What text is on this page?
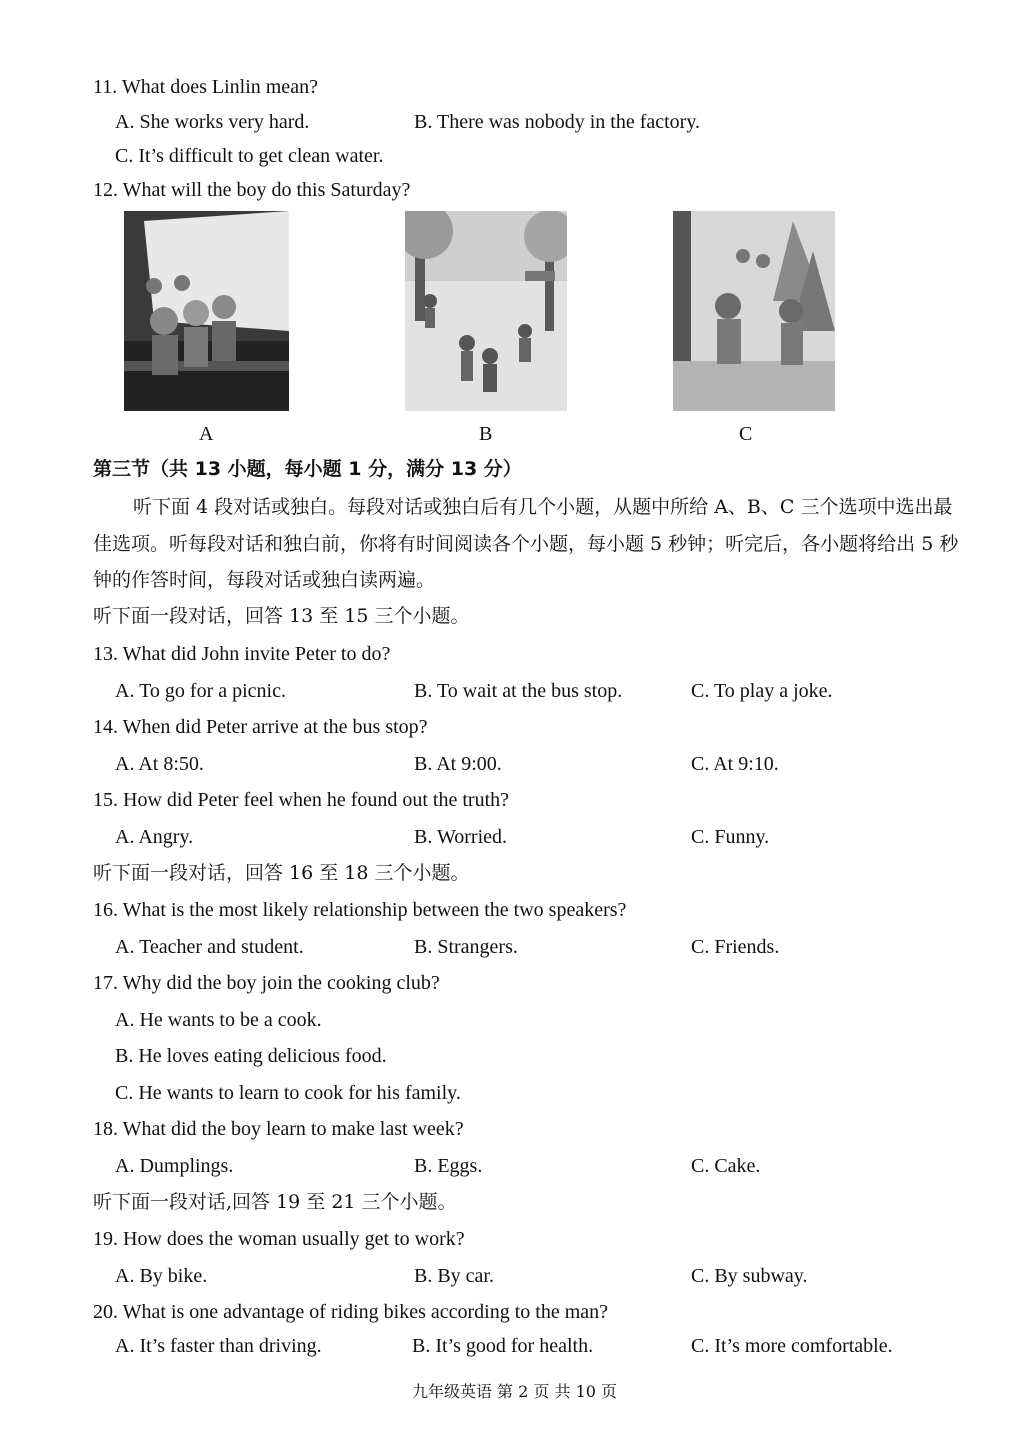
11. What does Linlin mean?
A. She works very hard.	B. There was nobody in the factory.
C. It’s difficult to get clean water.
12. What will the boy do this Saturday?
A	B	C
第三节（共 13 小题，每小题 1 分，满分 13 分）
听下面 4 段对话或独白。每段对话或独白后有几个小题，从题中所给 A、B、C 三个选项中选出最佳选项。听每段对话和独白前，你将有时间阅读各个小题，每小题 5 秒钟；听完后，各小题将给出 5 秒钟的作答时间，每段对话或独白读两遍。
听下面一段对话，回答 13 至 15 三个小题。
13. What did John invite Peter to do?
A. To go for a picnic.	B. To wait at the bus stop.	C. To play a joke.
14. When did Peter arrive at the bus stop?
A. At 8:50.	B. At 9:00.	C. At 9:10.
15. How did Peter feel when he found out the truth?
A. Angry.	B. Worried.	C. Funny.
听下面一段对话，回答 16 至 18 三个小题。
16. What is the most likely relationship between the two speakers?
A. Teacher and student.	B. Strangers.	C. Friends.
17. Why did the boy join the cooking club?
A. He wants to be a cook.
B. He loves eating delicious food.
C. He wants to learn to cook for his family.
18. What did the boy learn to make last week?
A. Dumplings.	B. Eggs.	C. Cake.
听下面一段对话,回答 19 至 21 三个小题。
19. How does the woman usually get to work?
A. By bike.	B. By car.	C. By subway.
20. What is one advantage of riding bikes according to the man?
A. It’s faster than driving.	B. It’s good for health.	C. It’s more comfortable.
九年级英语 第 2 页 共 10 页
